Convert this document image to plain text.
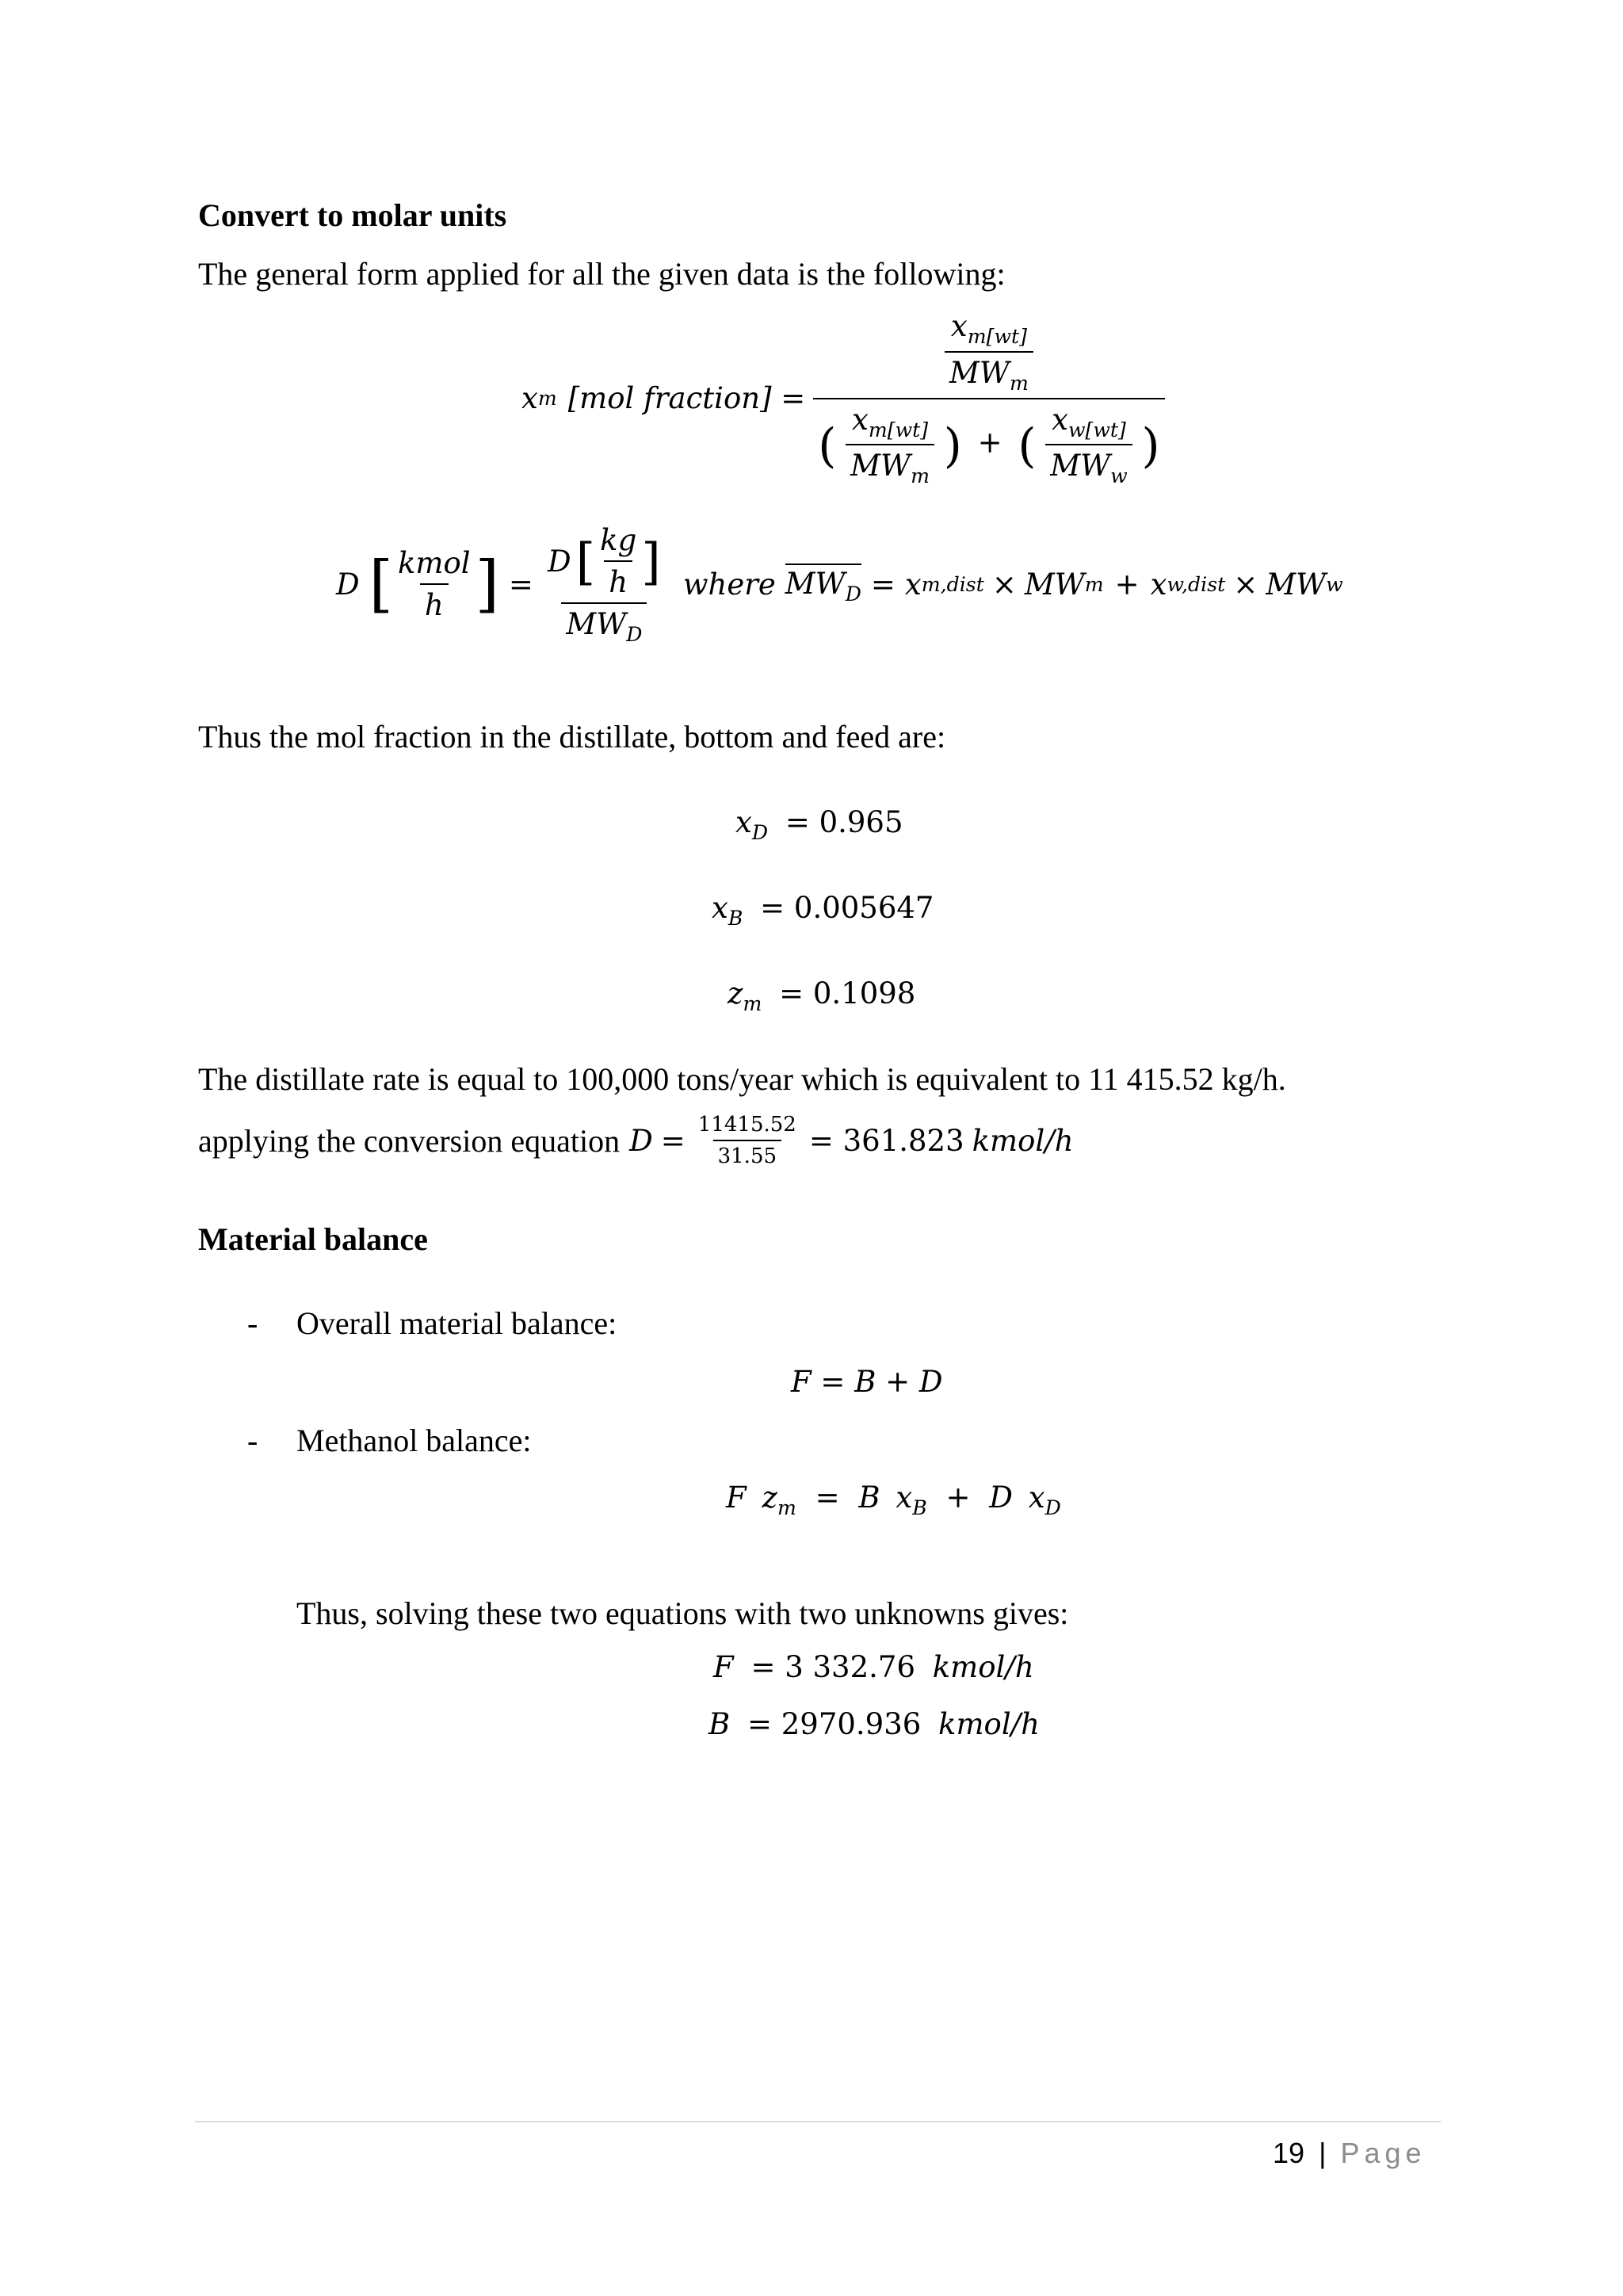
Convert to molar units
The general form applied for all the given data is the following:
x m [mol fraction] =
$\frac{x_{m[wt]}}{MW_m}$
( $\frac{x_{m[wt]}}{MW_m}$ ) + ( $\frac{x_{w[wt]}}{MW_w}$ )
D [ $\frac{\text{kmol}}{h}$ ] =
D [ $\frac{kg}{h}$ ]
$MW_D$
where $MW_D = x$ m,dist × MW m + x w,dist × MW w
Thus the mol fraction in the distillate, bottom and feed are:
$x_D = 0.965$
$x_B = 0.005647$
$z_m = 0.1098$
The distillate rate is equal to 100,000 tons/year which is equivalent to 11 415.52 kg/h.
applying the conversion equation $D = \frac{11415.52}{31.55} = 361.823$ kmol/h
Material balance
- Overall material balance:
F = B + D
- Methanol balance:
F $z_m = B$ $x_B + D$ $x_D$
Thus, solving these two equations with two unknowns gives:
F = 3 332.76 kmol/h
B = 2970.936 kmol/h
19 | Page
